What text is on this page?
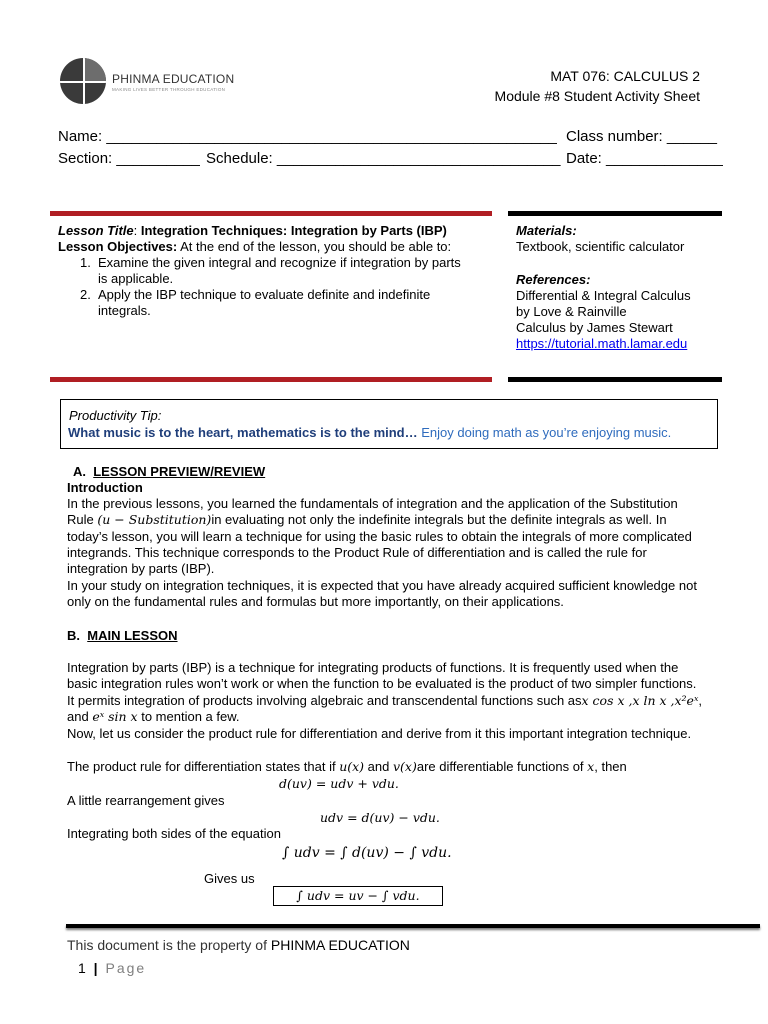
PHINMA EDUCATION
MAKING LIVES BETTER THROUGH EDUCATION
MAT 076: CALCULUS 2
Module #8 Student Activity Sheet
Name: ______________________________________________________ Class number: ______
Section: __________ Schedule: __________________________________ Date: ______________
Lesson Title: Integration Techniques: Integration by Parts (IBP)
Lesson Objectives: At the end of the lesson, you should be able to:
1. Examine the given integral and recognize if integration by parts is applicable.
2. Apply the IBP technique to evaluate definite and indefinite integrals.
Materials:
Textbook, scientific calculator
References:
Differential & Integral Calculus
by Love & Rainville
Calculus by James Stewart
https://tutorial.math.lamar.edu
Productivity Tip:
What music is to the heart, mathematics is to the mind… Enjoy doing math as you’re enjoying music.
A. LESSON PREVIEW/REVIEW
Introduction
In the previous lessons, you learned the fundamentals of integration and the application of the Substitution Rule (u − Substitution)in evaluating not only the indefinite integrals but the definite integrals as well. In today’s lesson, you will learn a technique for using the basic rules to obtain the integrals of more complicated integrands. This technique corresponds to the Product Rule of differentiation and is called the rule for integration by parts (IBP).
In your study on integration techniques, it is expected that you have already acquired sufficient knowledge not only on the fundamental rules and formulas but more importantly, on their applications.
B. MAIN LESSON
Integration by parts (IBP) is a technique for integrating products of functions. It is frequently used when the basic integration rules won’t work or when the function to be evaluated is the product of two simpler functions. It permits integration of products involving algebraic and transcendental functions such asx cos x ,x ln x ,x²eˣ, and eˣ sin x to mention a few.
Now, let us consider the product rule for differentiation and derive from it this important integration technique.
The product rule for differentiation states that if u(x) and v(x)are differentiable functions of x, then
d(uv) = udv + vdu.
A little rearrangement gives
udv = d(uv) − vdu.
Integrating both sides of the equation
∫ udv = ∫ d(uv) − ∫ vdu.
Gives us
∫ udv = uv − ∫ vdu.
This document is the property of PHINMA EDUCATION
1 | Page
